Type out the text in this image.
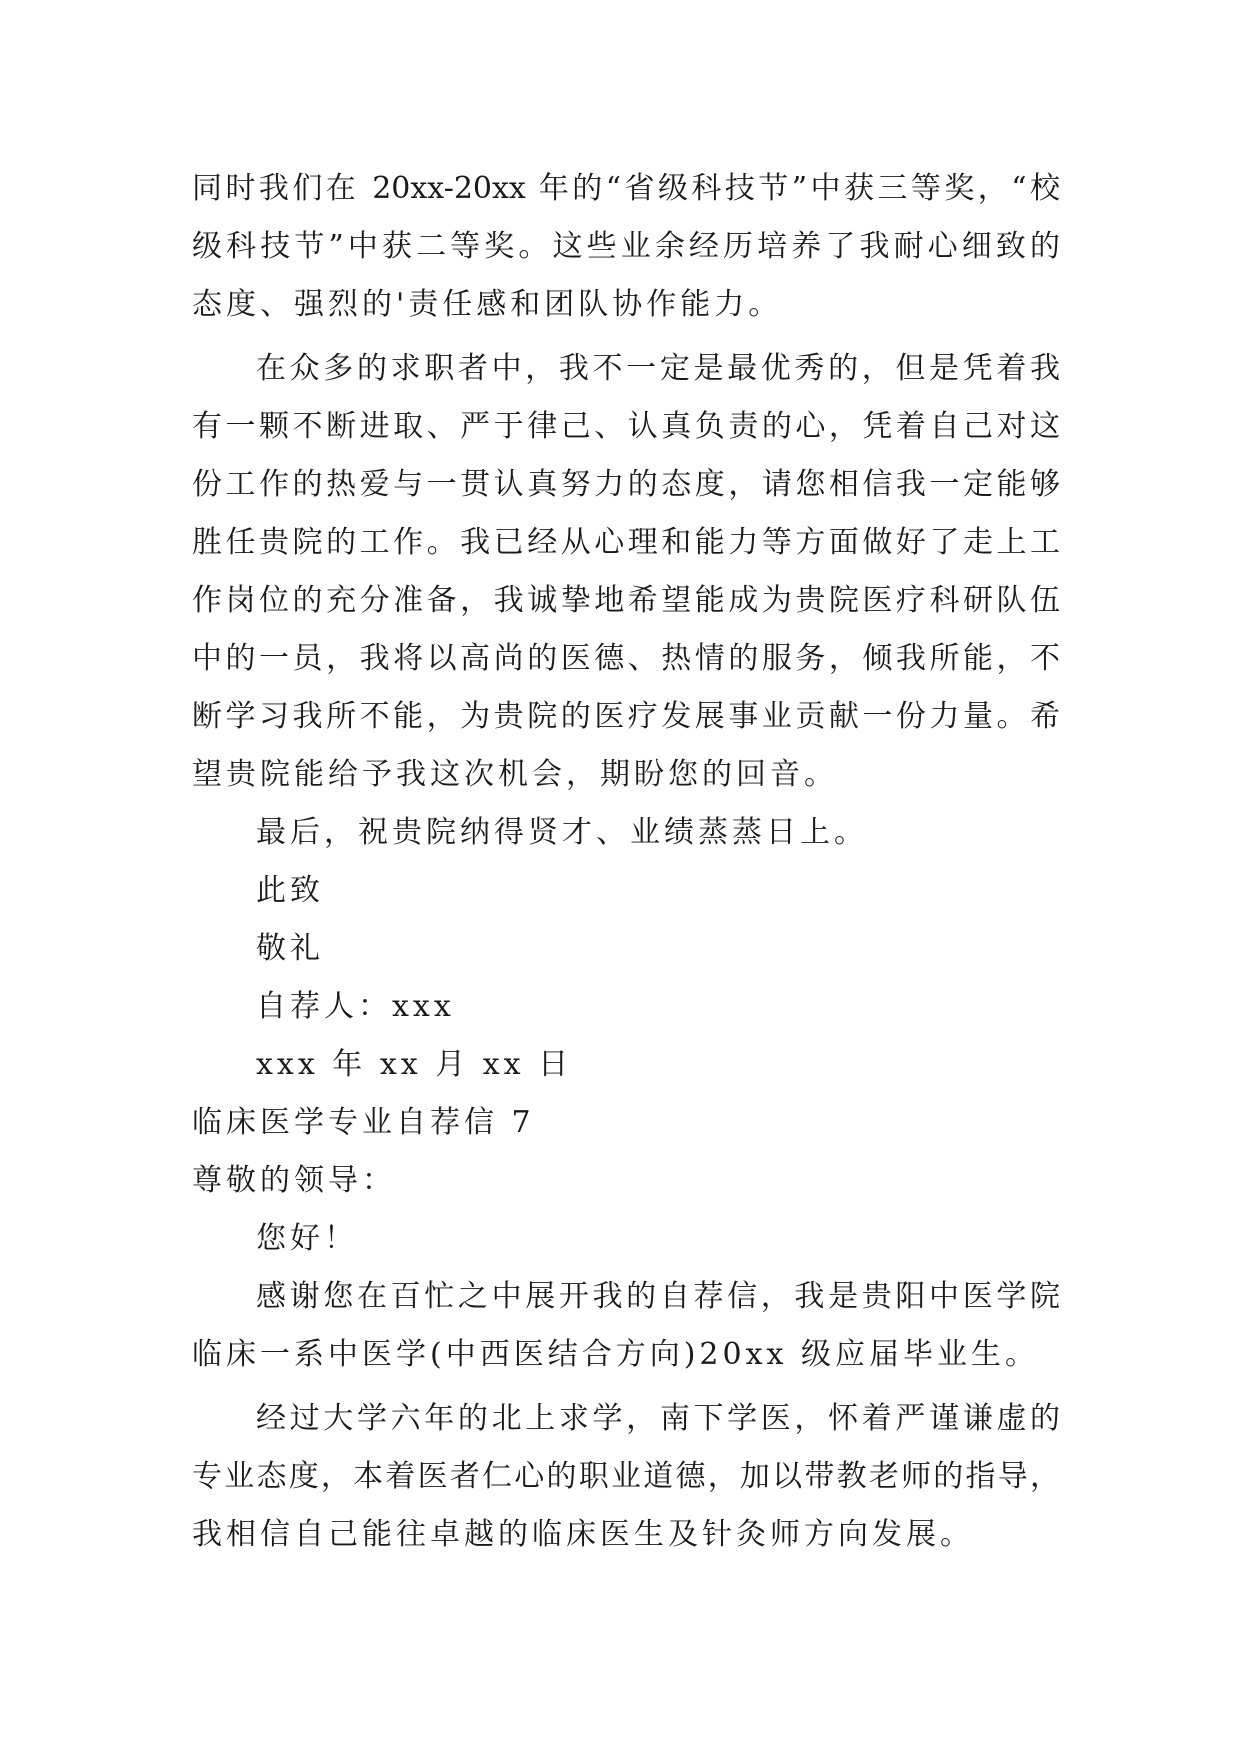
同时我们在 20xx-20xx 年的“省级科技节”中获三等奖，“校
级科技节”中获二等奖。这些业余经历培养了我耐心细致的
态度、强烈的'责任感和团队协作能力。
在众多的求职者中，我不一定是最优秀的，但是凭着我
有一颗不断进取、严于律己、认真负责的心，凭着自己对这
份工作的热爱与一贯认真努力的态度，请您相信我一定能够
胜任贵院的工作。我已经从心理和能力等方面做好了走上工
作岗位的充分准备，我诚挚地希望能成为贵院医疗科研队伍
中的一员，我将以高尚的医德、热情的服务，倾我所能，不
断学习我所不能，为贵院的医疗发展事业贡献一份力量。希
望贵院能给予我这次机会，期盼您的回音。
最后，祝贵院纳得贤才、业绩蒸蒸日上。
此致
敬礼
自荐人：xxx
xxx 年 xx 月 xx 日
临床医学专业自荐信 7
尊敬的领导：
您好！
感谢您在百忙之中展开我的自荐信，我是贵阳中医学院
临床一系中医学(中西医结合方向)20xx 级应届毕业生。
经过大学六年的北上求学，南下学医，怀着严谨谦虚的
专业态度，本着医者仁心的职业道德，加以带教老师的指导，
我相信自己能往卓越的临床医生及针灸师方向发展。
